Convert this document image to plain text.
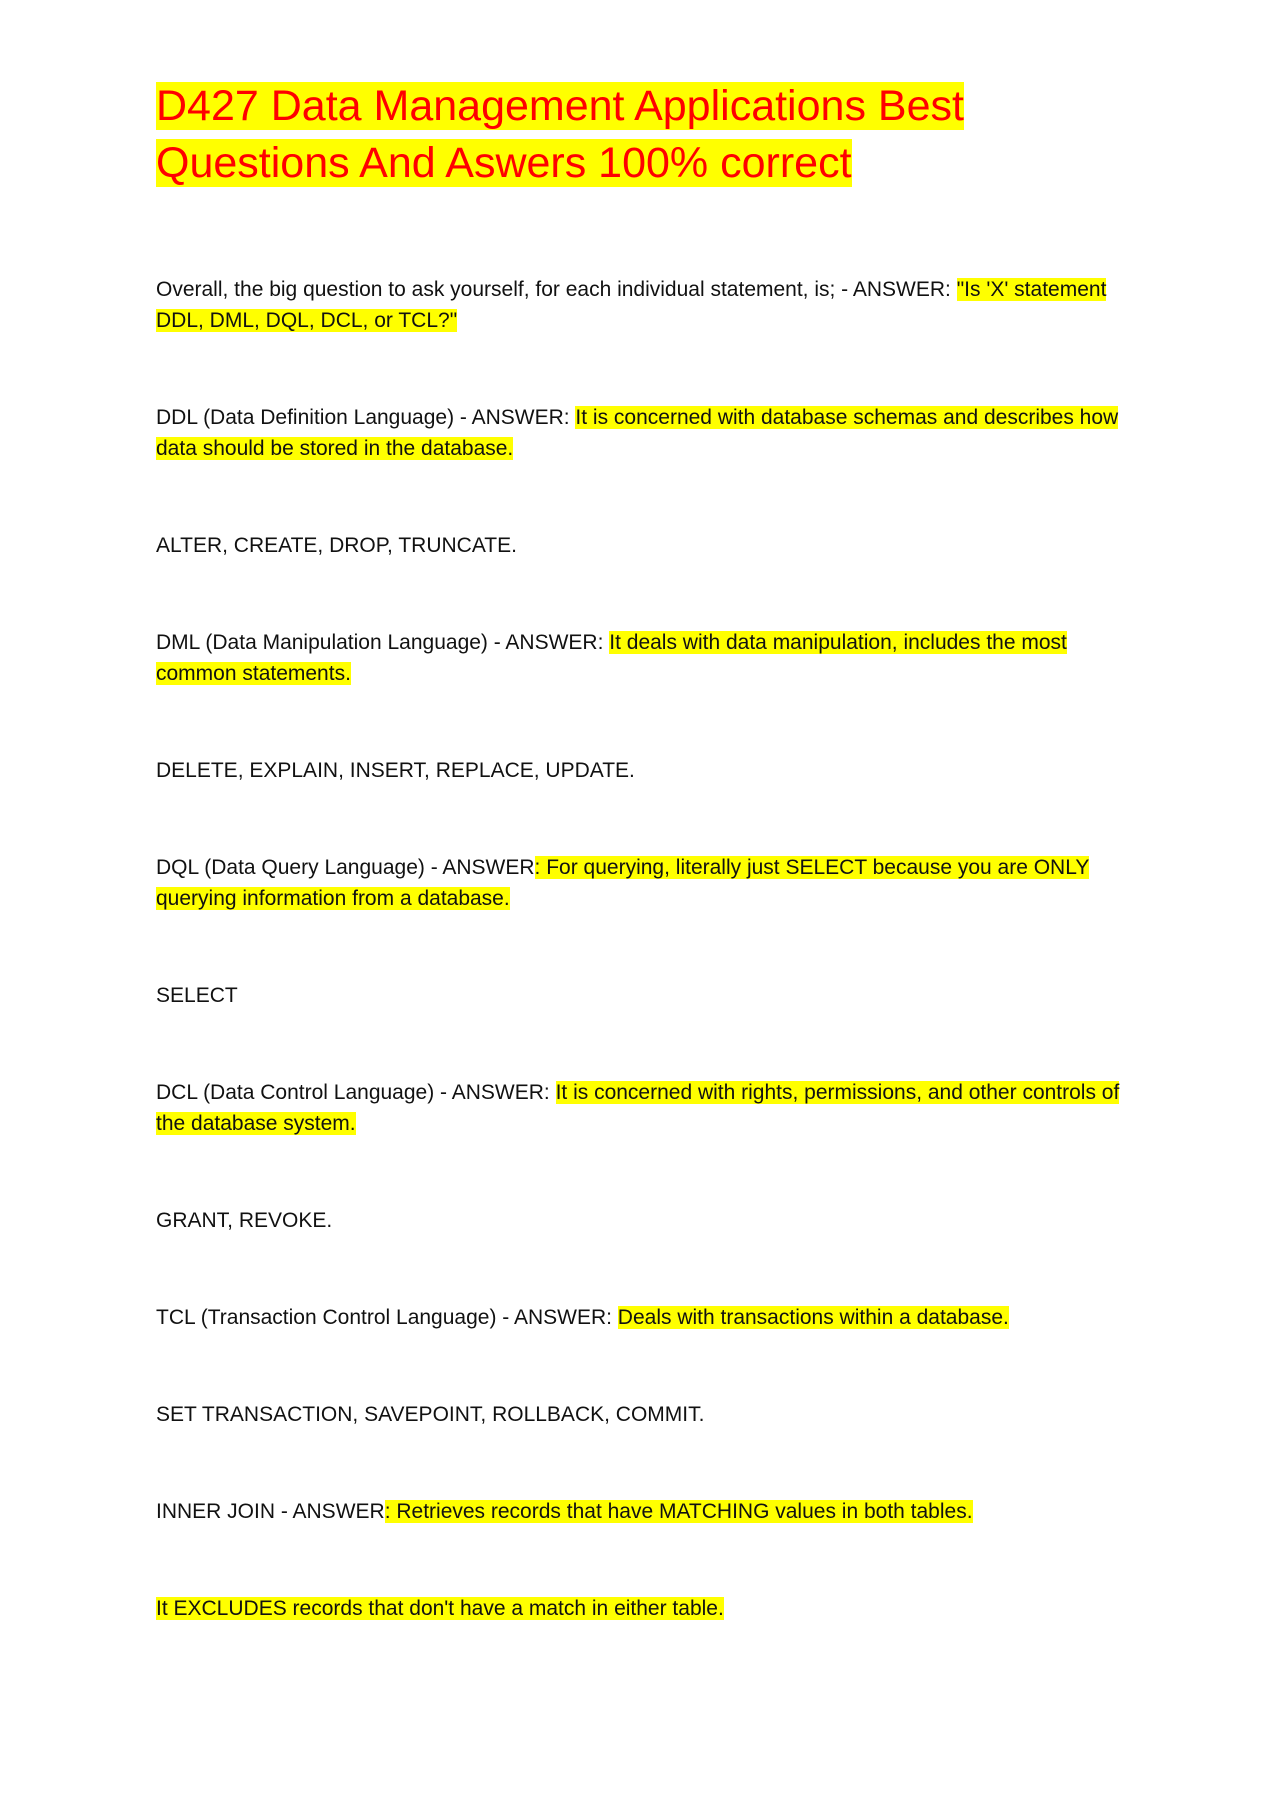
D427 Data Management Applications Best
Questions And Aswers 100% correct

Overall, the big question to ask yourself, for each individual statement, is; - ANSWER: "Is 'X' statement DDL, DML, DQL, DCL, or TCL?"

DDL (Data Definition Language) - ANSWER: It is concerned with database schemas and describes how data should be stored in the database.

ALTER, CREATE, DROP, TRUNCATE.

DML (Data Manipulation Language) - ANSWER: It deals with data manipulation, includes the most common statements.

DELETE, EXPLAIN, INSERT, REPLACE, UPDATE.

DQL (Data Query Language) - ANSWER: For querying, literally just SELECT because you are ONLY querying information from a database.

SELECT

DCL (Data Control Language) - ANSWER: It is concerned with rights, permissions, and other controls of the database system.

GRANT, REVOKE.

TCL (Transaction Control Language) - ANSWER: Deals with transactions within a database.

SET TRANSACTION, SAVEPOINT, ROLLBACK, COMMIT.

INNER JOIN - ANSWER: Retrieves records that have MATCHING values in both tables.

It EXCLUDES records that don't have a match in either table.
